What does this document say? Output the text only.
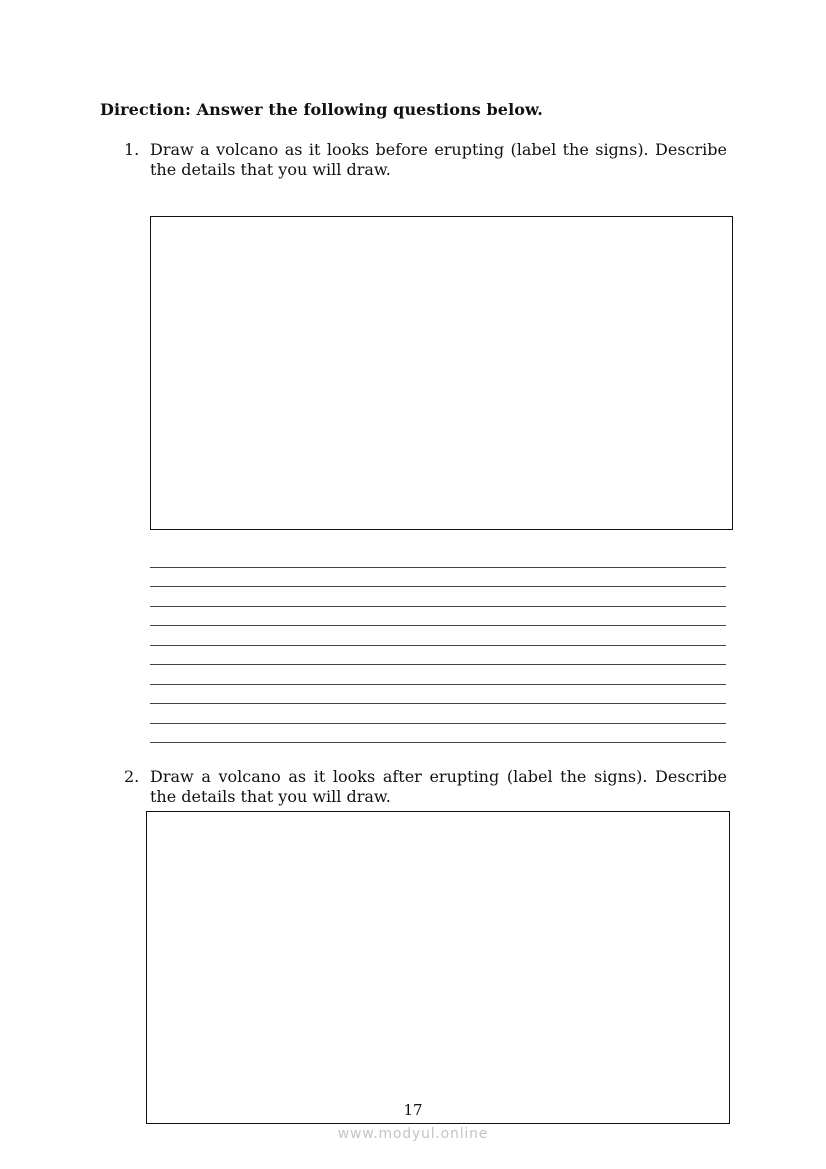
Direction: Answer the following questions below.
1. Draw a volcano as it looks before erupting (label the signs). Describe the details that you will draw.
2. Draw a volcano as it looks after erupting (label the signs). Describe the details that you will draw.
17
www.modyul.online
